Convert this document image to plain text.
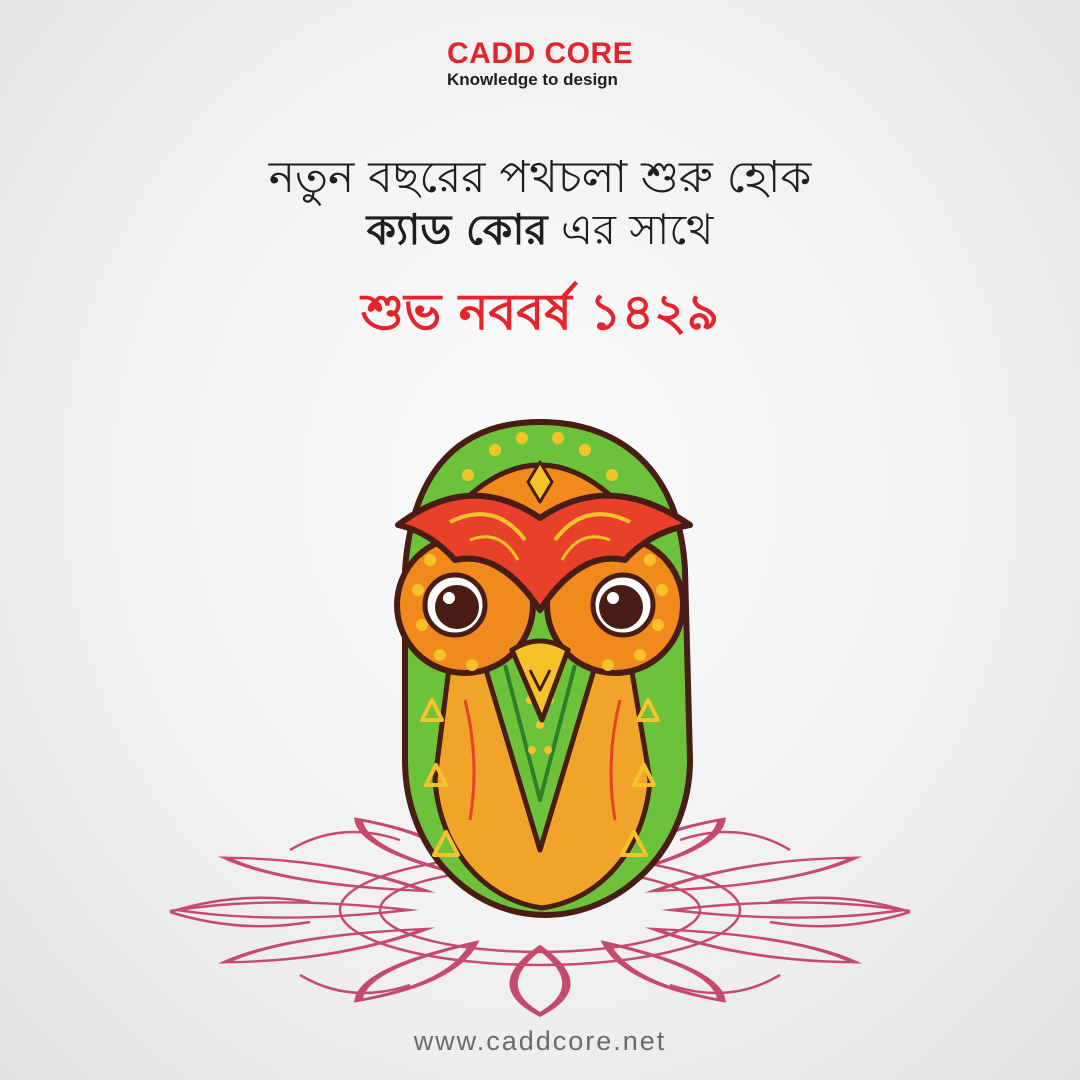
CADD CORE
Knowledge to design
নতুন বছরের পথচলা শুরু হোক
ক্যাড কোর এর সাথে
শুভ নববর্ষ ১৪২৯
www.caddcore.net
